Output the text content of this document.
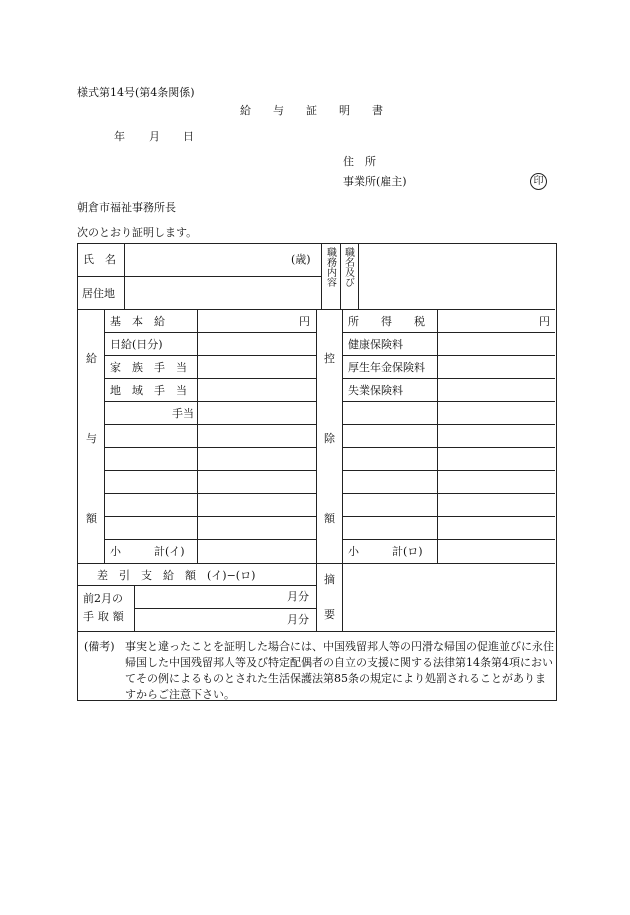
様式第14号(第4条関係)
給　　与　　証　　明　　書
年 月 日
住　所
事業所(雇主)	印
朝倉市福祉事務所長
次のとおり証明します。
氏　名	(歳)
居住地
職名及び
職務内容
給
与
額
控
除
額
基　本　給
日給(日分)
家　族　手　当
地　域　手　当
手当
円
小　　　計(イ)
所　　得　　税
健康保険料
厚生年金保険料
失業保険料
円
小　　　計(ロ)
差　引　支　給　額　(イ)−(ロ)
前2月の
手取額
月分
月分
摘
要
(備考) 事実と違ったことを証明した場合には、中国残留邦人等の円滑な帰国の促進並びに永住帰国した中国残留邦人等及び特定配偶者の自立の支援に関する法律第14条第4項においてその例によるものとされた生活保護法第85条の規定により処罰されることがありますからご注意下さい。
